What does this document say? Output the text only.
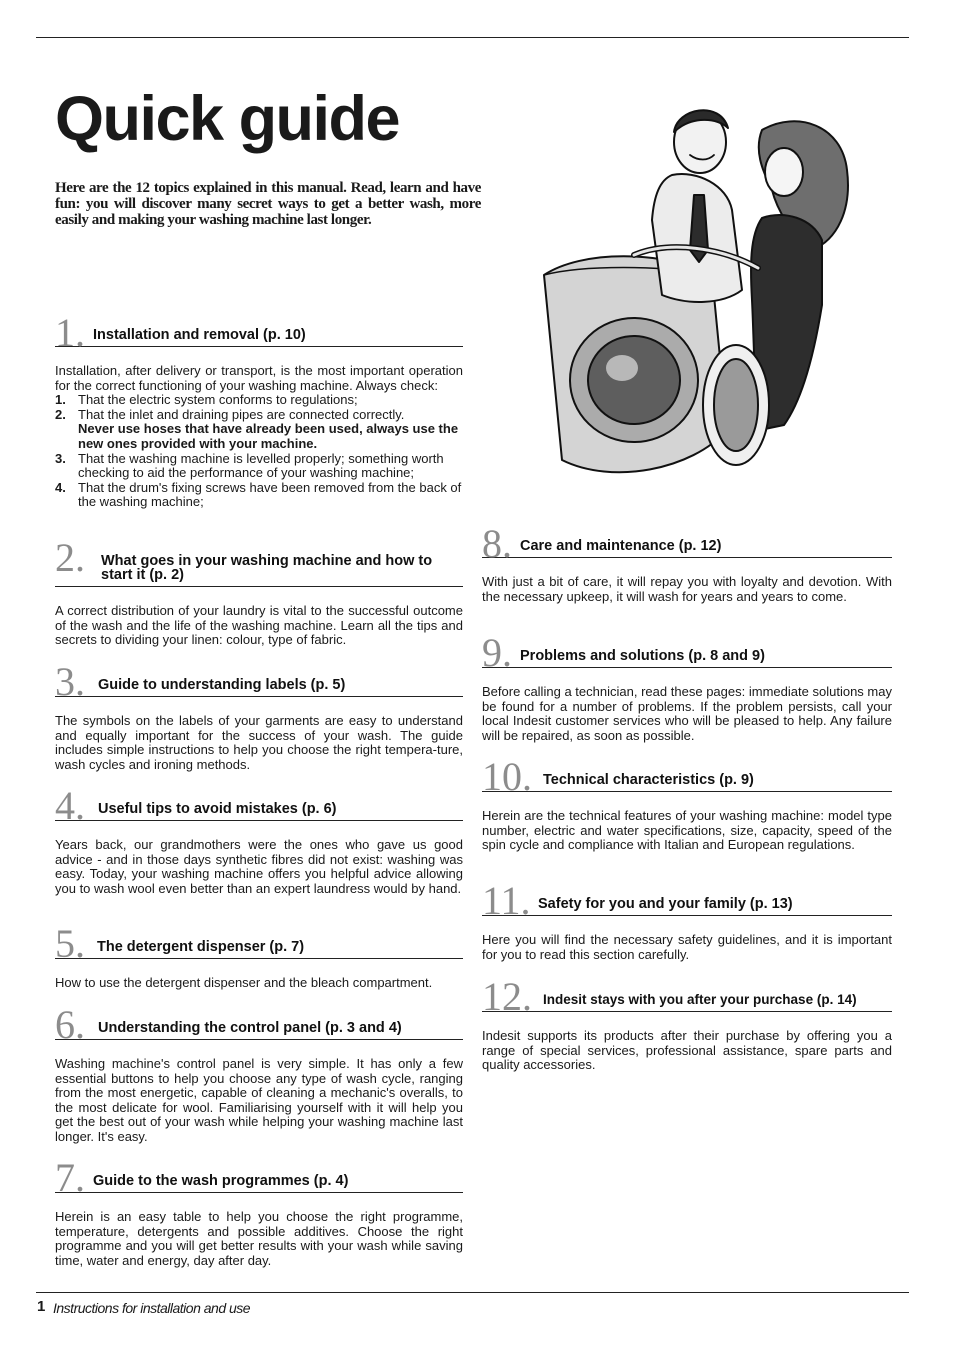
Quick guide

Here are the 12 topics explained in this manual. Read, learn and have fun: you will discover many secret ways to get a better wash, more easily and making your washing machine last longer.

1. Installation and removal (p. 10)

Installation, after delivery or transport, is the most important operation for the correct functioning of your washing machine. Always check:

1. That the electric system conforms to regulations;
2. That the inlet and draining pipes are connected correctly.
Never use hoses that have already been used, always use the new ones provided with your machine.
3. That the washing machine is levelled properly; something worth checking to aid the performance of your washing machine;
4. That the drum's fixing screws have been removed from the back of the washing machine;
2. What goes in your washing machine and how to start it (p. 2)

A correct distribution of your laundry is vital to the successful outcome of the wash and the life of the washing machine. Learn all the tips and secrets to dividing your linen: colour, type of fabric.

3. Guide to understanding labels (p. 5)

The symbols on the labels of your garments are easy to understand and equally important for the success of your wash. The guide includes simple instructions to help you choose the right tempera-ture, wash cycles and ironing methods.

4. Useful tips to avoid mistakes (p. 6)

Years back, our grandmothers were the ones who gave us good advice - and in those days synthetic fibres did not exist: washing was easy. Today, your washing machine offers you helpful advice allowing you to wash wool even better than an expert laundress would by hand.

5. The detergent dispenser (p. 7)

How to use the detergent dispenser and the bleach compartment.

6. Understanding the control panel (p. 3 and 4)

Washing machine's control panel is very simple. It has only a few essential buttons to help you choose any type of wash cycle, ranging from the most energetic, capable of cleaning a mechanic's overalls, to the most delicate for wool. Familiarising yourself with it will help you get the best out of your wash while helping your washing machine last longer. It's easy.

7. Guide to the wash programmes (p. 4)

Herein is an easy table to help you choose the right programme, temperature, detergents and possible additives. Choose the right programme and you will get better results with your wash while saving time, water and energy, day after day.

8. Care and maintenance (p. 12)

With just a bit of care, it will repay you with loyalty and devotion. With the necessary upkeep, it will wash for years and years to come.

9. Problems and solutions (p. 8 and 9)

Before calling a technician, read these pages: immediate solutions may be found for a number of problems. If the problem persists, call your local Indesit customer services who will be pleased to help. Any failure will be repaired, as soon as possible.

10. Technical characteristics (p. 9)

Herein are the technical features of your washing machine: model type number, electric and water specifications, size, capacity, speed of the spin cycle and compliance with Italian and European regulations.

11. Safety for you and your family (p. 13)

Here you will find the necessary safety guidelines, and it is important for you to read this section carefully.

12. Indesit stays with you after your purchase (p. 14)

Indesit supports its products after their purchase by offering you a range of special services, professional assistance, spare parts and quality accessories.

1 Instructions for installation and use
